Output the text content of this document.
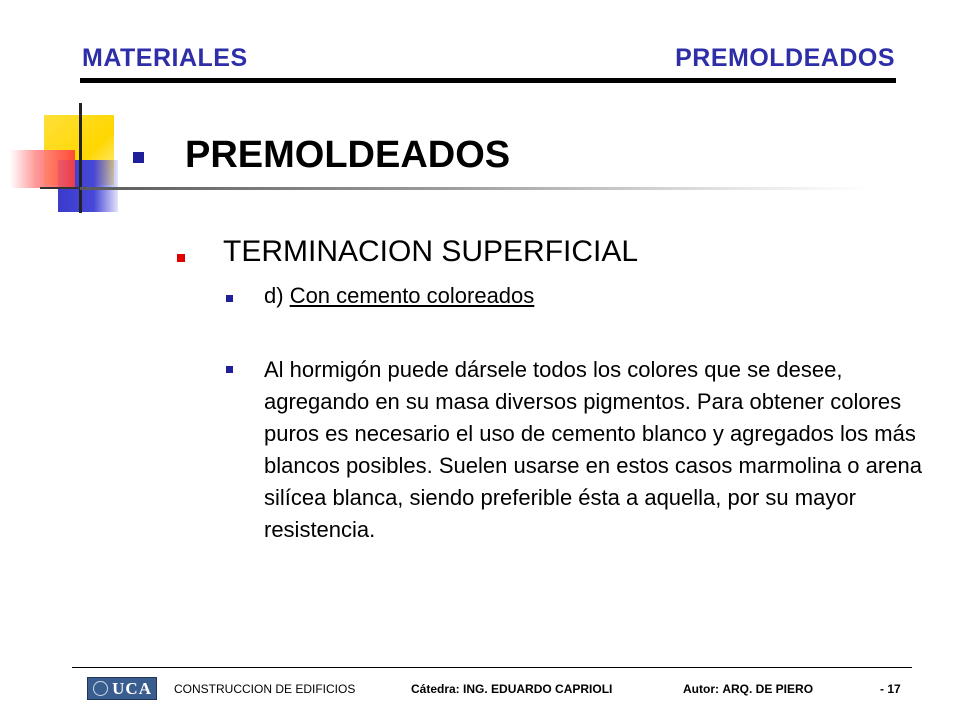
MATERIALES	PREMOLDEADOS
PREMOLDEADOS
TERMINACION SUPERFICIAL
d) Con cemento coloreados

Al hormigón puede dársele todos los colores que se desee, agregando en su masa diversos pigmentos. Para obtener colores puros es necesario el uso de cemento blanco y agregados los más blancos posibles. Suelen usarse en estos casos marmolina o arena silícea blanca, siendo preferible ésta a aquella, por su mayor resistencia.

UCA CONSTRUCCION DE EDIFICIOS	Cátedra: ING. EDUARDO CAPRIOLI	Autor: ARQ. DE PIERO	- 17
